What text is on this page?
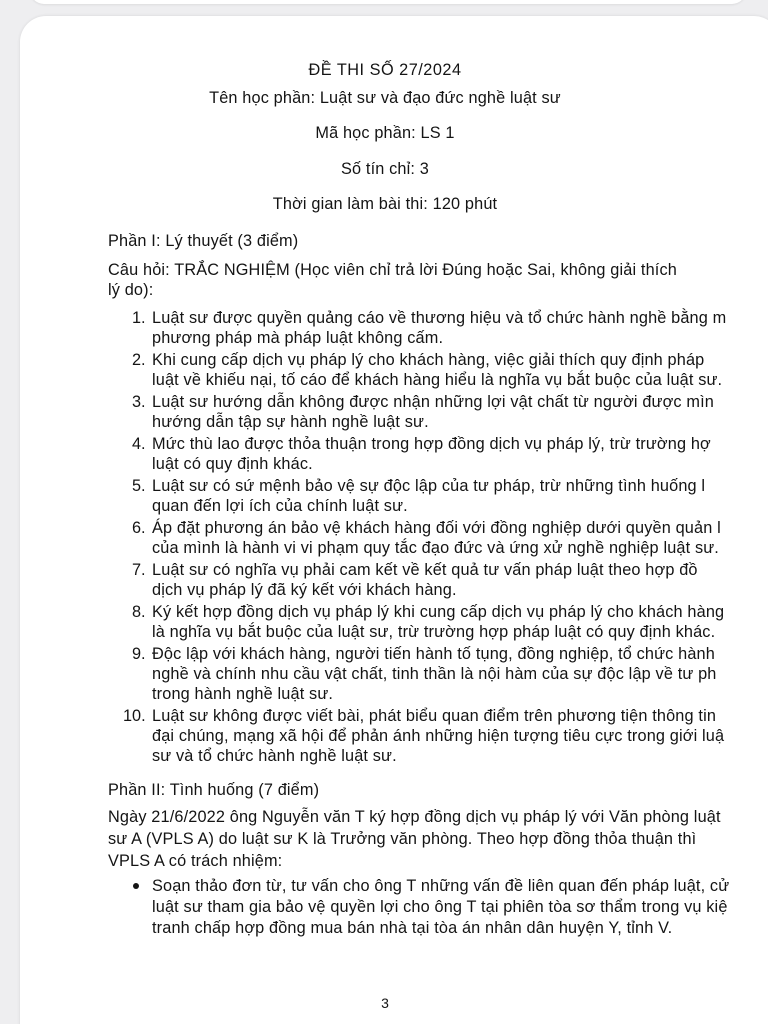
ĐỀ THI SỐ 27/2024
Tên học phần: Luật sư và đạo đức nghề luật sư
Mã học phần: LS 1
Số tín chỉ: 3
Thời gian làm bài thi: 120 phút
Phần I: Lý thuyết (3 điểm)
Câu hỏi: TRẮC NGHIỆM (Học viên chỉ trả lời Đúng hoặc Sai, không giải thích
lý do):
1. Luật sư được quyền quảng cáo về thương hiệu và tổ chức hành nghề bằng m
phương pháp mà pháp luật không cấm.
2. Khi cung cấp dịch vụ pháp lý cho khách hàng, việc giải thích quy định pháp
luật về khiếu nại, tố cáo để khách hàng hiểu là nghĩa vụ bắt buộc của luật sư.
3. Luật sư hướng dẫn không được nhận những lợi vật chất từ người được mìn
hướng dẫn tập sự hành nghề luật sư.
4. Mức thù lao được thỏa thuận trong hợp đồng dịch vụ pháp lý, trừ trường hợ
luật có quy định khác.
5. Luật sư có sứ mệnh bảo vệ sự độc lập của tư pháp, trừ những tình huống l
quan đến lợi ích của chính luật sư.
6. Áp đặt phương án bảo vệ khách hàng đối với đồng nghiệp dưới quyền quản l
của mình là hành vi vi phạm quy tắc đạo đức và ứng xử nghề nghiệp luật sư.
7. Luật sư có nghĩa vụ phải cam kết về kết quả tư vấn pháp luật theo hợp đồ
dịch vụ pháp lý đã ký kết với khách hàng.
8. Ký kết hợp đồng dịch vụ pháp lý khi cung cấp dịch vụ pháp lý cho khách hàng
là nghĩa vụ bắt buộc của luật sư, trừ trường hợp pháp luật có quy định khác.
9. Độc lập với khách hàng, người tiến hành tố tụng, đồng nghiệp, tổ chức hành
nghề và chính nhu cầu vật chất, tinh thần là nội hàm của sự độc lập về tư ph
trong hành nghề luật sư.
10. Luật sư không được viết bài, phát biểu quan điểm trên phương tiện thông tin
đại chúng, mạng xã hội để phản ánh những hiện tượng tiêu cực trong giới luậ
sư và tổ chức hành nghề luật sư.
Phần II: Tình huống (7 điểm)
Ngày 21/6/2022 ông Nguyễn văn T ký hợp đồng dịch vụ pháp lý với Văn phòng luật
sư A (VPLS A) do luật sư K là Trưởng văn phòng. Theo hợp đồng thỏa thuận thì
VPLS A có trách nhiệm:
Soạn thảo đơn từ, tư vấn cho ông T những vấn đề liên quan đến pháp luật, cử
luật sư tham gia bảo vệ quyền lợi cho ông T tại phiên tòa sơ thẩm trong vụ kiệ
tranh chấp hợp đồng mua bán nhà tại tòa án nhân dân huyện Y, tỉnh V.
3
